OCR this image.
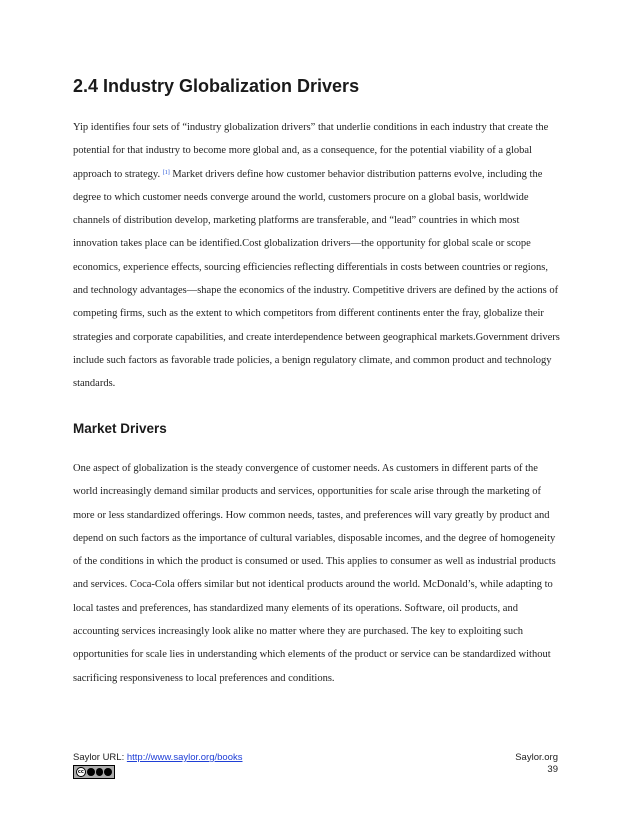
2.4 Industry Globalization Drivers

Yip identifies four sets of “industry globalization drivers” that underlie conditions in each industry that create the potential for that industry to become more global and, as a consequence, for the potential viability of a global approach to strategy. [1] Market drivers define how customer behavior distribution patterns evolve, including the degree to which customer needs converge around the world, customers procure on a global basis, worldwide channels of distribution develop, marketing platforms are transferable, and “lead” countries in which most innovation takes place can be identified.Cost globalization drivers—the opportunity for global scale or scope economics, experience effects, sourcing efficiencies reflecting differentials in costs between countries or regions, and technology advantages—shape the economics of the industry. Competitive drivers are defined by the actions of competing firms, such as the extent to which competitors from different continents enter the fray, globalize their strategies and corporate capabilities, and create interdependence between geographical markets.Government drivers include such factors as favorable trade policies, a benign regulatory climate, and common product and technology standards.

Market Drivers

One aspect of globalization is the steady convergence of customer needs. As customers in different parts of the world increasingly demand similar products and services, opportunities for scale arise through the marketing of more or less standardized offerings. How common needs, tastes, and preferences will vary greatly by product and depend on such factors as the importance of cultural variables, disposable incomes, and the degree of homogeneity of the conditions in which the product is consumed or used. This applies to consumer as well as industrial products and services. Coca-Cola offers similar but not identical products around the world. McDonald’s, while adapting to local tastes and preferences, has standardized many elements of its operations. Software, oil products, and accounting services increasingly look alike no matter where they are purchased. The key to exploiting such opportunities for scale lies in understanding which elements of the product or service can be standardized without sacrificing responsiveness to local preferences and conditions.

Saylor URL: http://www.saylor.org/books
cc
Saylor.org
39
